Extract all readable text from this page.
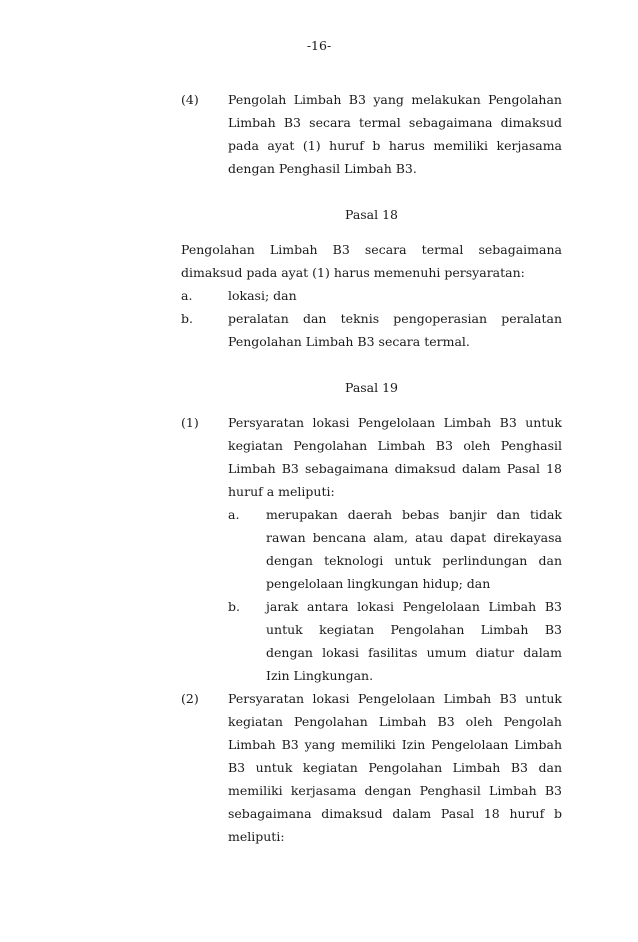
-16-
(4)	Pengolah Limbah B3 yang melakukan Pengolahan Limbah B3 secara termal sebagaimana dimaksud pada ayat (1) huruf b harus memiliki kerjasama dengan Penghasil Limbah B3.
Pasal 18
Pengolahan Limbah B3 secara termal sebagaimana dimaksud pada ayat (1) harus memenuhi persyaratan:
a.	lokasi; dan
b.	peralatan dan teknis pengoperasian peralatan Pengolahan Limbah B3 secara termal.
Pasal 19
(1)	Persyaratan lokasi Pengelolaan Limbah B3 untuk kegiatan Pengolahan Limbah B3 oleh Penghasil Limbah B3 sebagaimana dimaksud dalam Pasal 18 huruf a meliputi:
a.	merupakan daerah bebas banjir dan tidak rawan bencana alam, atau dapat direkayasa dengan teknologi untuk perlindungan dan pengelolaan lingkungan hidup; dan
b.	jarak antara lokasi Pengelolaan Limbah B3 untuk kegiatan Pengolahan Limbah B3 dengan lokasi fasilitas umum diatur dalam Izin Lingkungan.
(2)	Persyaratan lokasi Pengelolaan Limbah B3 untuk kegiatan Pengolahan Limbah B3 oleh Pengolah Limbah B3 yang memiliki Izin Pengelolaan Limbah B3 untuk kegiatan Pengolahan Limbah B3 dan memiliki kerjasama dengan Penghasil Limbah B3 sebagaimana dimaksud dalam Pasal 18 huruf b meliputi:
